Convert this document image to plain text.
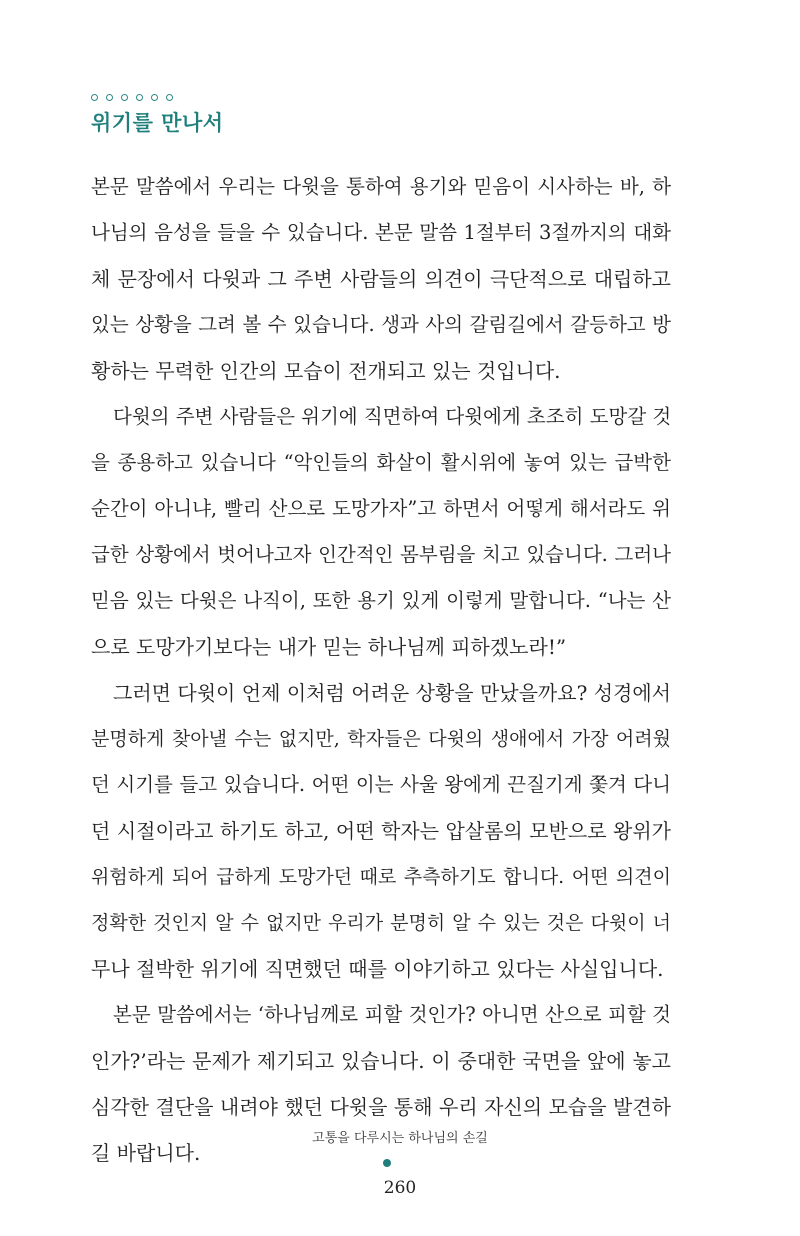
위기를 만나서
본문 말씀에서 우리는 다윗을 통하여 용기와 믿음이 시사하는 바, 하
나님의 음성을 들을 수 있습니다. 본문 말씀 1절부터 3절까지의 대화
체 문장에서 다윗과 그 주변 사람들의 의견이 극단적으로 대립하고
있는 상황을 그려 볼 수 있습니다. 생과 사의 갈림길에서 갈등하고 방
황하는 무력한 인간의 모습이 전개되고 있는 것입니다.
다윗의 주변 사람들은 위기에 직면하여 다윗에게 초조히 도망갈 것
을 종용하고 있습니다 “악인들의 화살이 활시위에 놓여 있는 급박한
순간이 아니냐, 빨리 산으로 도망가자”고 하면서 어떻게 해서라도 위
급한 상황에서 벗어나고자 인간적인 몸부림을 치고 있습니다. 그러나
믿음 있는 다윗은 나직이, 또한 용기 있게 이렇게 말합니다. “나는 산
으로 도망가기보다는 내가 믿는 하나님께 피하겠노라!”
그러면 다윗이 언제 이처럼 어려운 상황을 만났을까요? 성경에서
분명하게 찾아낼 수는 없지만, 학자들은 다윗의 생애에서 가장 어려웠
던 시기를 들고 있습니다. 어떤 이는 사울 왕에게 끈질기게 쫓겨 다니
던 시절이라고 하기도 하고, 어떤 학자는 압살롬의 모반으로 왕위가
위험하게 되어 급하게 도망가던 때로 추측하기도 합니다. 어떤 의견이
정확한 것인지 알 수 없지만 우리가 분명히 알 수 있는 것은 다윗이 너
무나 절박한 위기에 직면했던 때를 이야기하고 있다는 사실입니다.
본문 말씀에서는 ‘하나님께로 피할 것인가? 아니면 산으로 피할 것
인가?’라는 문제가 제기되고 있습니다. 이 중대한 국면을 앞에 놓고
심각한 결단을 내려야 했던 다윗을 통해 우리 자신의 모습을 발견하
길 바랍니다.
고통을 다루시는 하나님의 손길
260
